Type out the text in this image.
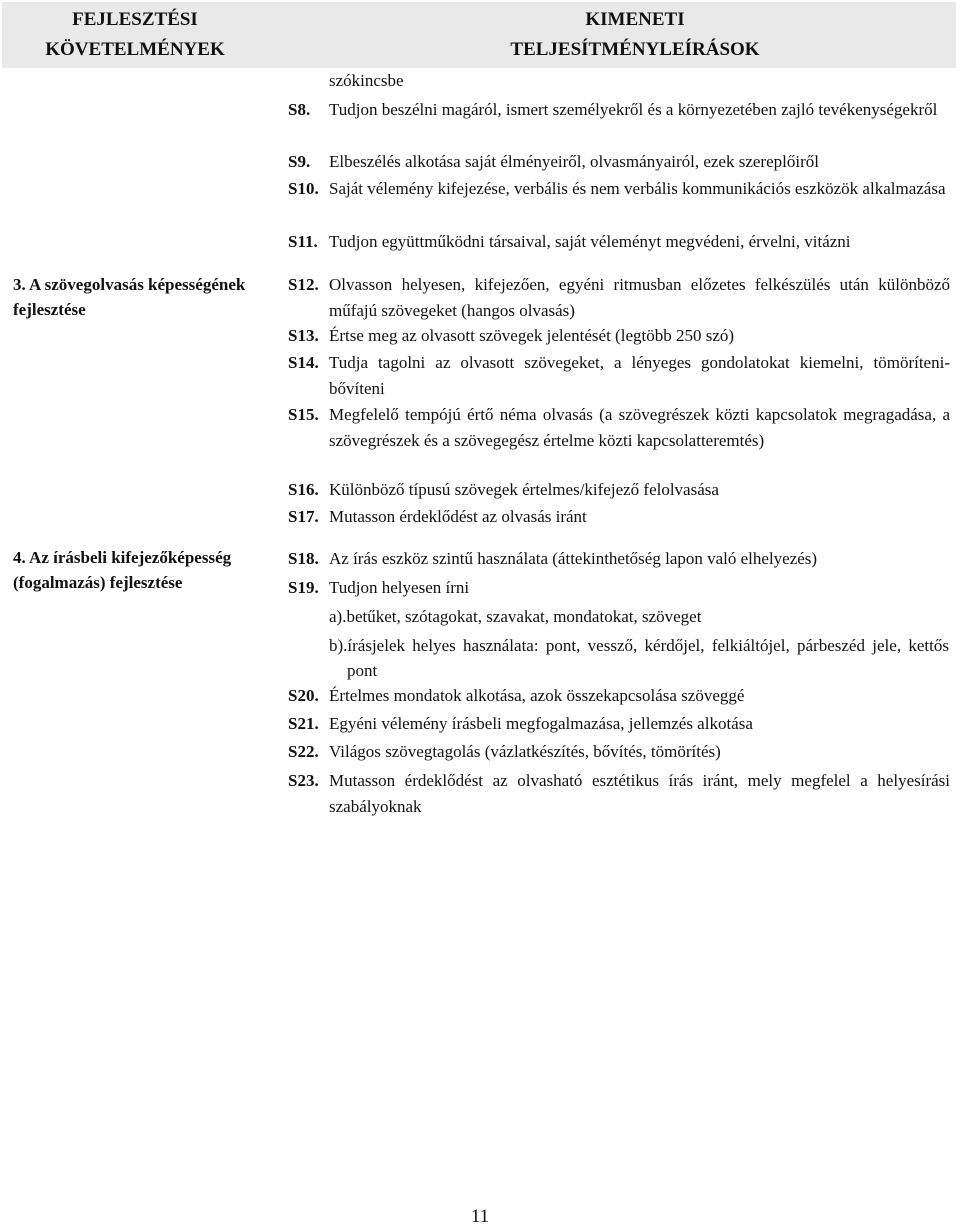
FEJLESZTÉSI
KÖVETELMÉNYEK
KIMENETI
TELJESÍTMÉNYLEÍRÁSOK
3. A szövegolvasás képességének fejlesztése
4. Az írásbeli kifejezőképesség (fogalmazás) fejlesztése
szókincsbe
S8.	Tudjon beszélni magáról, ismert személyekről és a környezetében zajló tevékenységekről
S9.	Elbeszélés alkotása saját élményeiről, olvasmányairól, ezek szereplőiről
S10. Saját vélemény kifejezése, verbális és nem verbális kommunikációs eszközök alkalmazása
S11. Tudjon együttműködni társaival, saját véleményt megvédeni, érvelni, vitázni
S12. Olvasson helyesen, kifejezően, egyéni ritmusban előzetes felkészülés után különböző műfajú szövegeket (hangos olvasás)
S13. Értse meg az olvasott szövegek jelentését (legtöbb 250 szó)
S14. Tudja tagolni az olvasott szövegeket, a lényeges gondolatokat kiemelni, tömöríteni-bővíteni
S15. Megfelelő tempójú értő néma olvasás (a szövegrészek közti kapcsolatok megragadása, a szövegrészek és a szövegegész értelme közti kapcsolatteremtés)
S16. Különböző típusú szövegek értelmes/kifejező felolvasása
S17. Mutasson érdeklődést az olvasás iránt
S18. Az írás eszköz szintű használata (áttekinthetőség lapon való elhelyezés)
S19. Tudjon helyesen írni
a).betűket, szótagokat, szavakat, mondatokat, szöveget
b).írásjelek helyes használata: pont, vessző, kérdőjel, felkiáltójel, párbeszéd jele, kettős pont
S20. Értelmes mondatok alkotása, azok összekapcsolása szöveggé
S21. Egyéni vélemény írásbeli megfogalmazása, jellemzés alkotása
S22. Világos szövegtagolás (vázlatkészítés, bővítés, tömörítés)
S23. Mutasson érdeklődést az olvasható esztétikus írás iránt, mely megfelel a helyesírási szabályoknak
11
